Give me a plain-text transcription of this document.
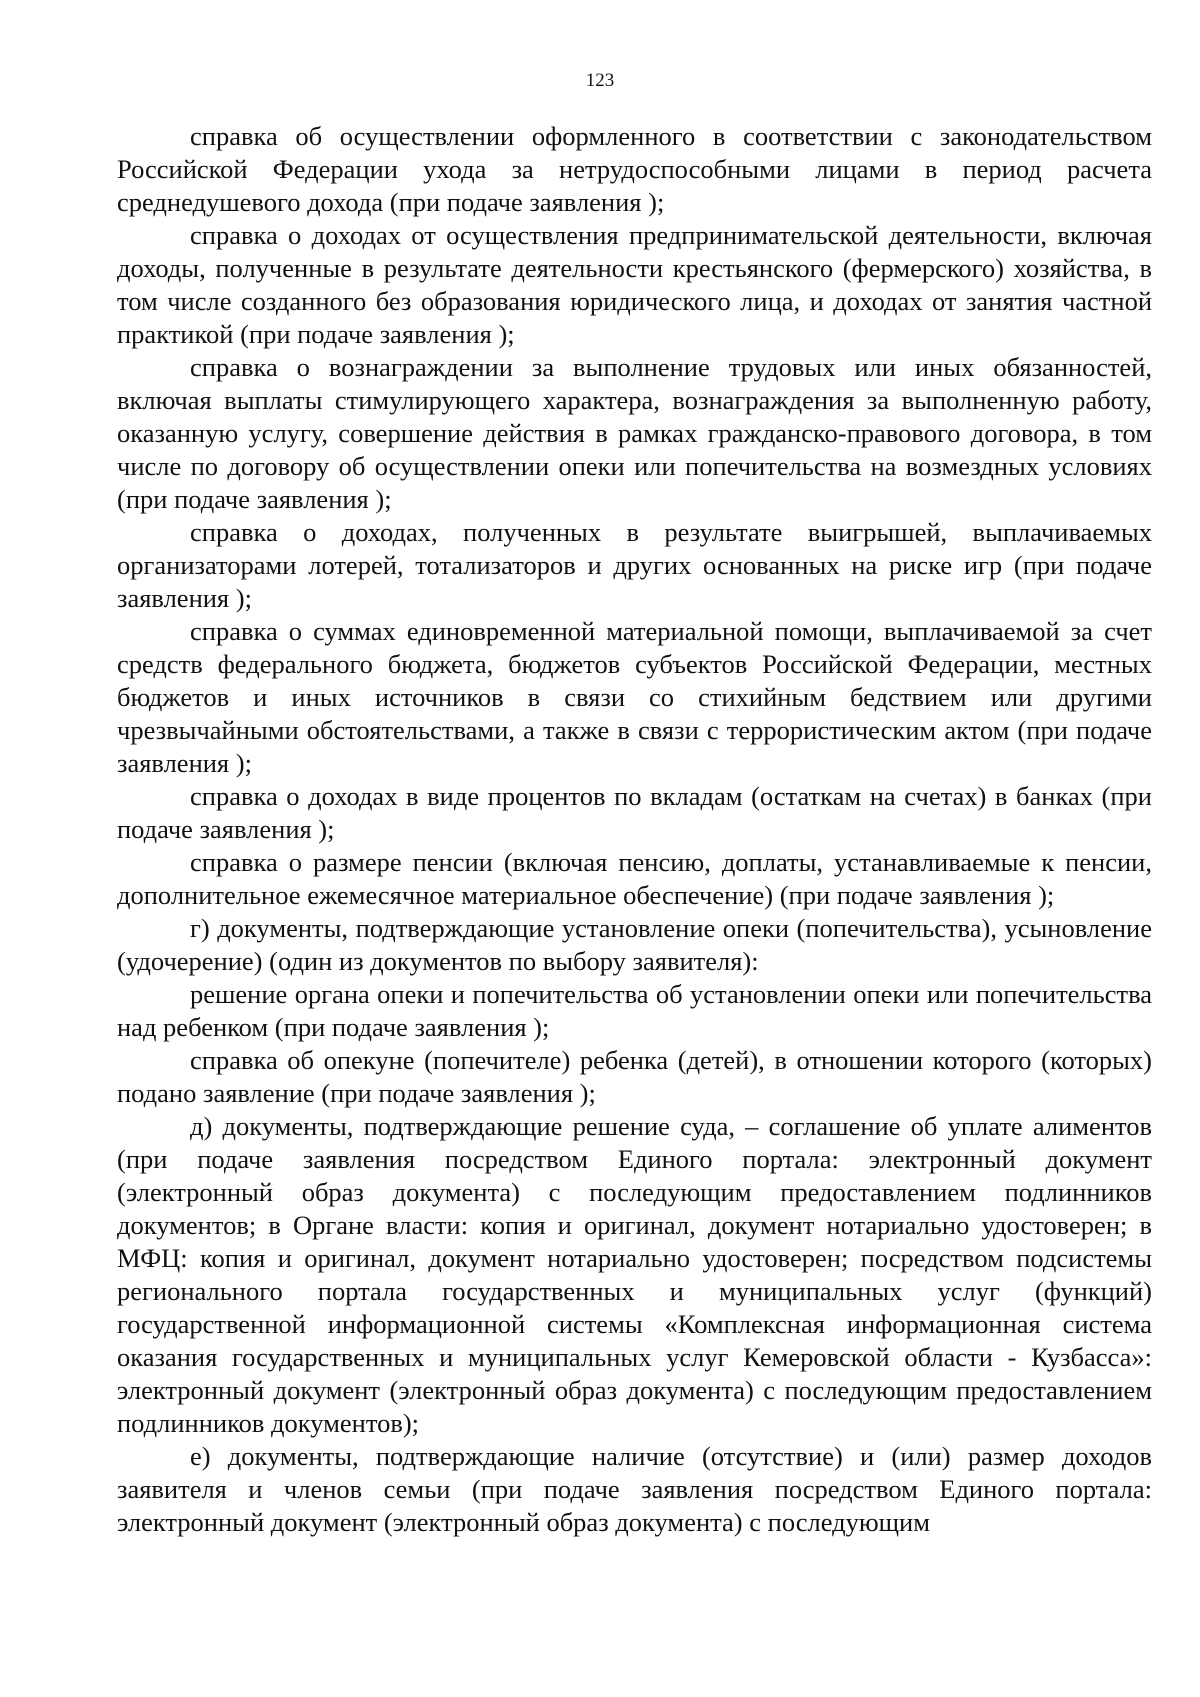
123

справка об осуществлении оформленного в соответствии с законодательством Российской Федерации ухода за нетрудоспособными лицами в период расчета среднедушевого дохода (при подаче заявления );

справка о доходах от осуществления предпринимательской деятельности, включая доходы, полученные в результате деятельности крестьянского (фермерского) хозяйства, в том числе созданного без образования юридического лица, и доходах от занятия частной практикой (при подаче заявления );

справка о вознаграждении за выполнение трудовых или иных обязанностей, включая выплаты стимулирующего характера, вознаграждения за выполненную работу, оказанную услугу, совершение действия в рамках гражданско-правового договора, в том числе по договору об осуществлении опеки или попечительства на возмездных условиях (при подаче заявления );

справка о доходах, полученных в результате выигрышей, выплачиваемых организаторами лотерей, тотализаторов и других основанных на риске игр (при подаче заявления );

справка о суммах единовременной материальной помощи, выплачиваемой за счет средств федерального бюджета, бюджетов субъектов Российской Федерации, местных бюджетов и иных источников в связи со стихийным бедствием или другими чрезвычайными обстоятельствами, а также в связи с террористическим актом (при подаче заявления );

справка о доходах в виде процентов по вкладам (остаткам на счетах) в банках (при подаче заявления );

справка о размере пенсии (включая пенсию, доплаты, устанавливаемые к пенсии, дополнительное ежемесячное материальное обеспечение) (при подаче заявления );

г) документы, подтверждающие установление опеки (попечительства), усыновление (удочерение) (один из документов по выбору заявителя):

решение органа опеки и попечительства об установлении опеки или попечительства над ребенком (при подаче заявления );

справка об опекуне (попечителе) ребенка (детей), в отношении которого (которых) подано заявление (при подаче заявления );

д) документы, подтверждающие решение суда, – соглашение об уплате алиментов (при подаче заявления посредством Единого портала: электронный документ (электронный образ документа) с последующим предоставлением подлинников документов; в Органе власти: копия и оригинал, документ нотариально удостоверен; в МФЦ: копия и оригинал, документ нотариально удостоверен; посредством подсистемы регионального портала государственных и муниципальных услуг (функций) государственной информационной системы «Комплексная информационная система оказания государственных и муниципальных услуг Кемеровской области - Кузбасса»: электронный документ (электронный образ документа) с последующим предоставлением подлинников документов);

е) документы, подтверждающие наличие (отсутствие) и (или) размер доходов заявителя и членов семьи (при подаче заявления посредством Единого портала: электронный документ (электронный образ документа) с последующим
